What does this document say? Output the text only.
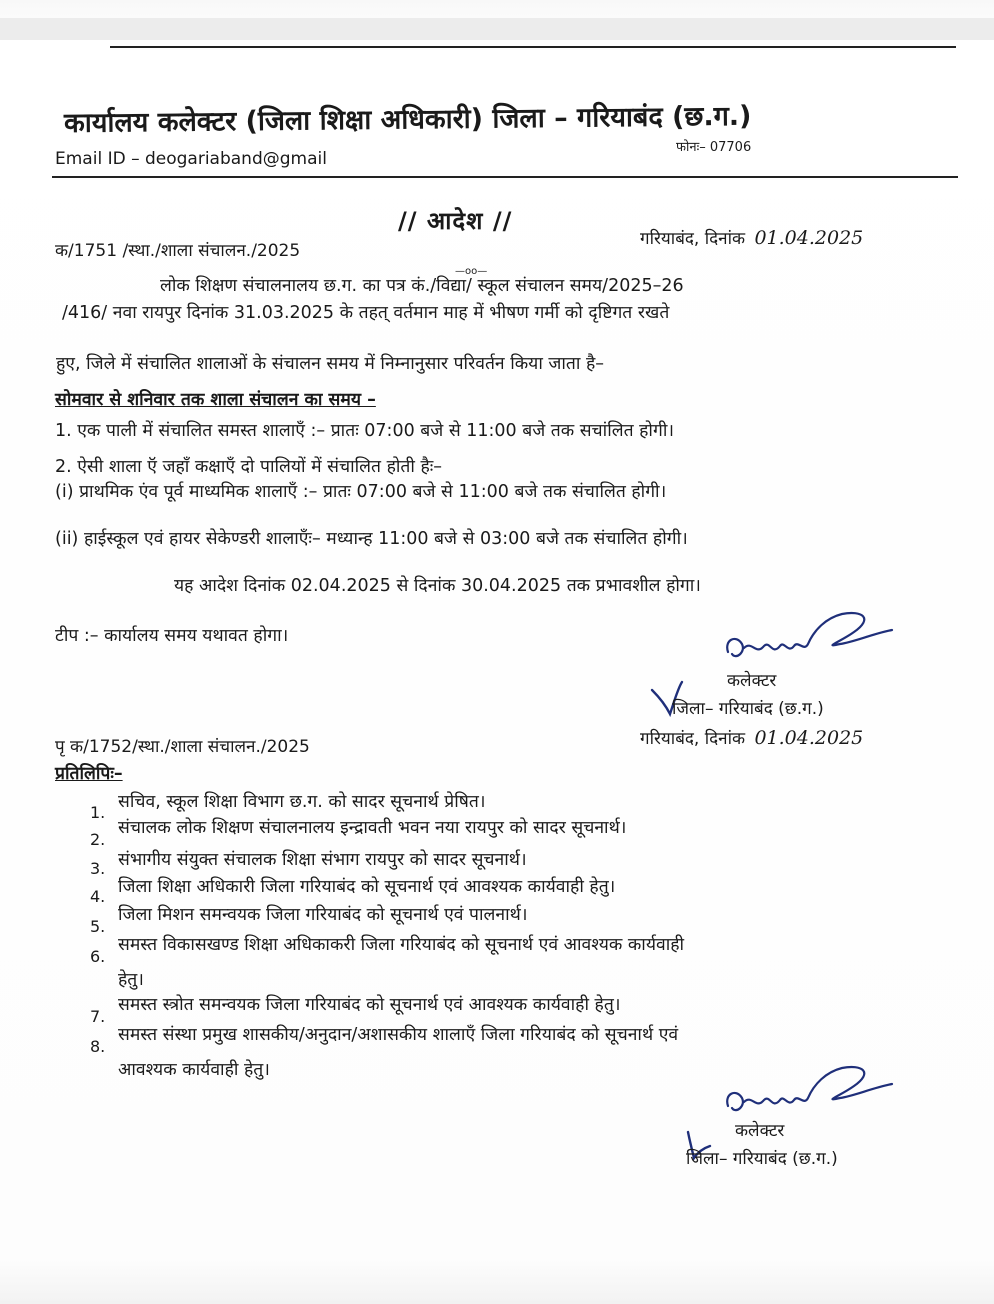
कार्यालय कलेक्टर (जिला शिक्षा अधिकारी) जिला – गरियाबंद (छ.ग.)
Email ID – deogariaband@gmail
फोनः– 07706
// आदेश //
क/1751 /स्था./शाला संचालन./2025
गरियाबंद, दिनांक 01.04.2025
—oo—
लोक शिक्षण संचालनालय छ.ग. का पत्र कं./विद्या/ स्कूल संचालन समय/2025–26
/416/ नवा रायपुर दिनांक 31.03.2025 के तहत् वर्तमान माह में भीषण गर्मी को दृष्टिगत रखते
हुए, जिले में संचालित शालाओं के संचालन समय में निम्नानुसार परिवर्तन किया जाता है–
सोमवार से शनिवार तक शाला संचालन का समय –
1. एक पाली में संचालित समस्त शालाएँ :– प्रातः 07:00 बजे से 11:00 बजे तक सचांलित होगी।
2. ऐसी शाला ऍ जहाँ कक्षाएँ दो पालियों में संचालित होती हैः–
(i) प्राथमिक एंव पूर्व माध्यमिक शालाएँ :– प्रातः 07:00 बजे से 11:00 बजे तक संचालित होगी।
(ii) हाईस्कूल एवं हायर सेकेण्डरी शालाएँः– मध्यान्ह 11:00 बजे से 03:00 बजे तक संचालित होगी।
यह आदेश दिनांक 02.04.2025 से दिनांक 30.04.2025 तक प्रभावशील होगा।
टीप :– कार्यालय समय यथावत होगा।
कलेक्टर
जिला– गरियाबंद (छ.ग.)
पृ क/1752/स्था./शाला संचालन./2025	गरियाबंद, दिनांक 01.04.2025
प्रतिलिपिः–
1.
सचिव, स्कूल शिक्षा विभाग छ.ग. को सादर सूचनार्थ प्रेषित।
2.
संचालक लोक शिक्षण संचालनालय इन्द्रावती भवन नया रायपुर को सादर सूचनार्थ।
3. संभागीय संयुक्त संचालक शिक्षा संभाग रायपुर को सादर सूचनार्थ।
4. जिला शिक्षा अधिकारी जिला गरियाबंद को सूचनार्थ एवं आवश्यक कार्यवाही हेतु।
5.
जिला मिशन समन्वयक जिला गरियाबंद को सूचनार्थ एवं पालनार्थ।
6.
समस्त विकासखण्ड शिक्षा अधिकाकरी जिला गरियाबंद को सूचनार्थ एवं आवश्यक कार्यवाही
हेतु।
7.
समस्त स्त्रोत समन्वयक जिला गरियाबंद को सूचनार्थ एवं आवश्यक कार्यवाही हेतु।
8.
समस्त संस्था प्रमुख शासकीय/अनुदान/अशासकीय शालाएँ जिला गरियाबंद को सूचनार्थ एवं
आवश्यक कार्यवाही हेतु।
कलेक्टर
जिला– गरियाबंद (छ.ग.)
